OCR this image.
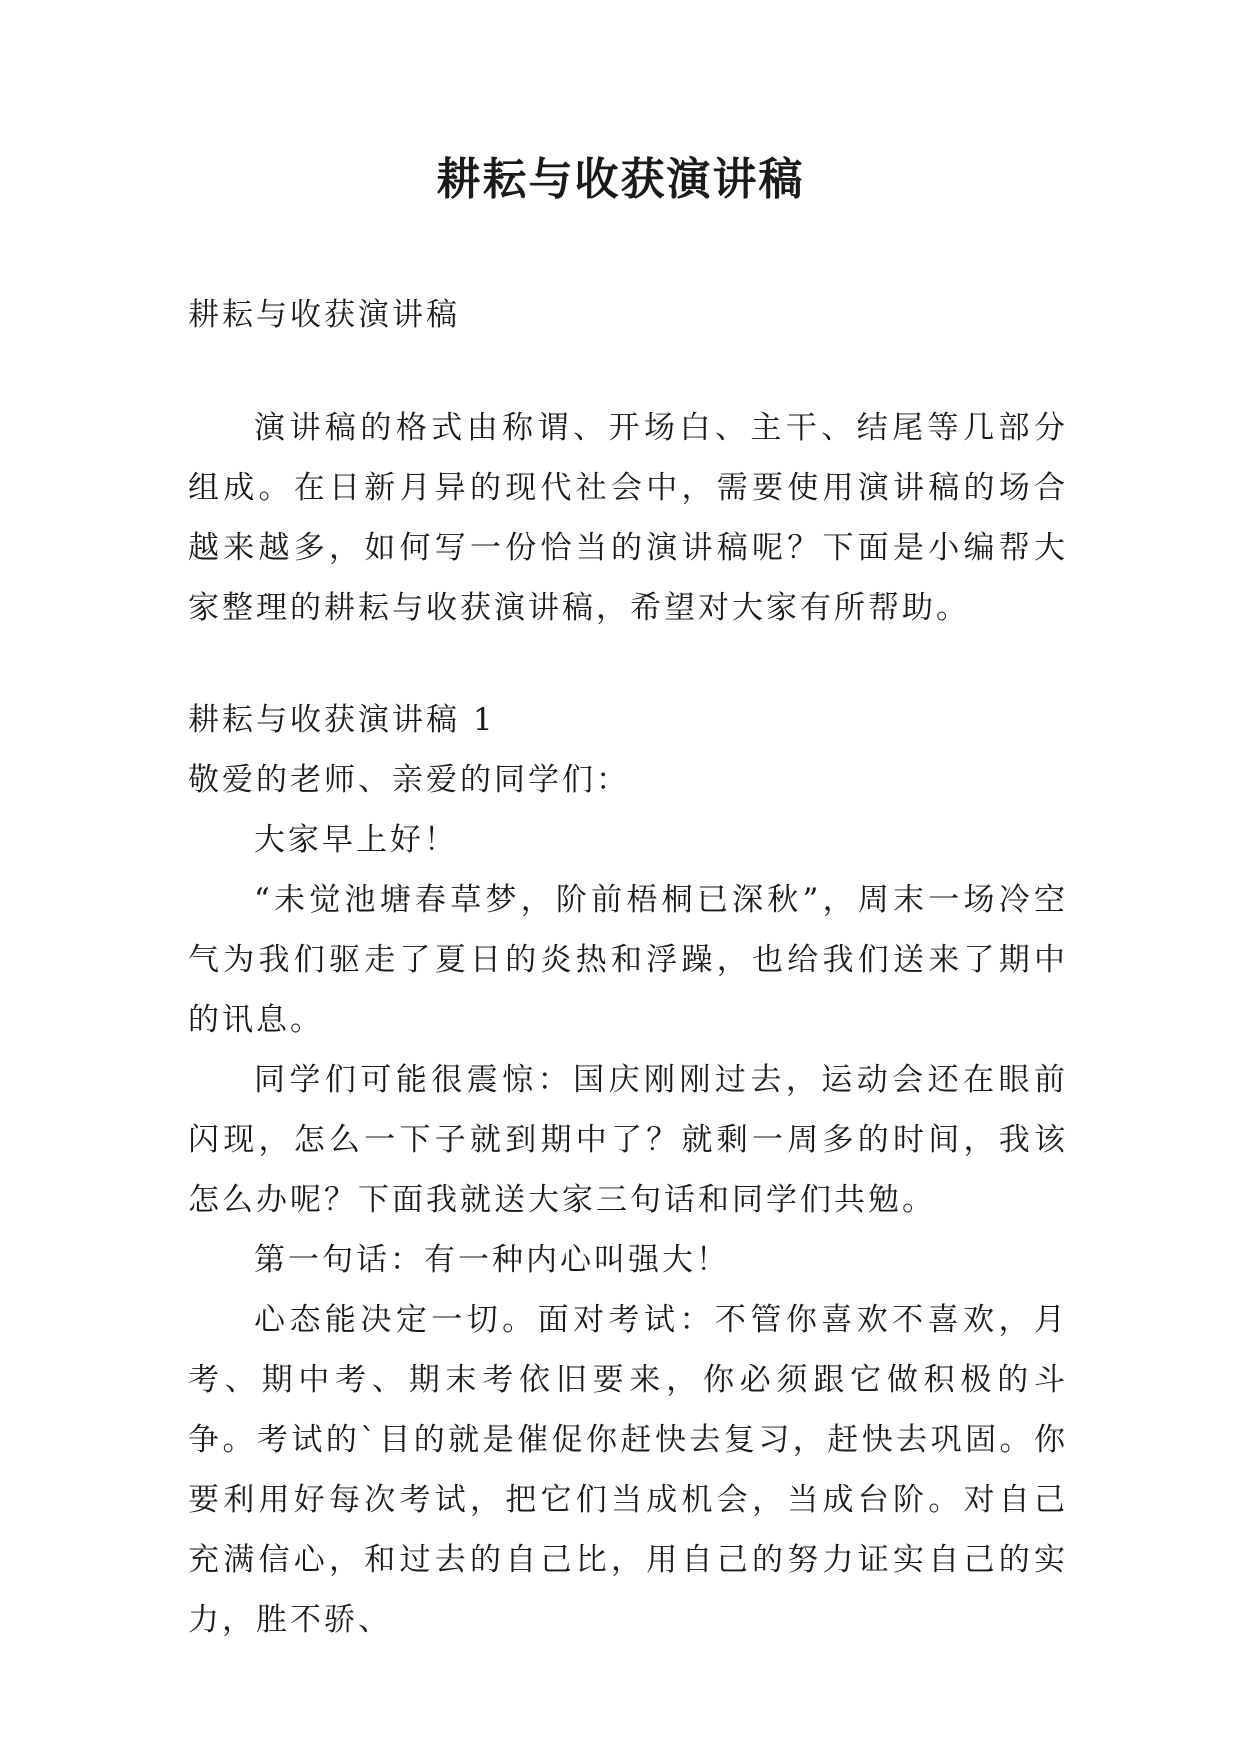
耕耘与收获演讲稿

耕耘与收获演讲稿

演讲稿的格式由称谓、开场白、主干、结尾等几部分组成。在日新月异的现代社会中，需要使用演讲稿的场合越来越多，如何写一份恰当的演讲稿呢？下面是小编帮大家整理的耕耘与收获演讲稿，希望对大家有所帮助。

耕耘与收获演讲稿 1

敬爱的老师、亲爱的同学们：

大家早上好！

“未觉池塘春草梦，阶前梧桐已深秋”，周末一场冷空气为我们驱走了夏日的炎热和浮躁，也给我们送来了期中的讯息。

同学们可能很震惊：国庆刚刚过去，运动会还在眼前闪现，怎么一下子就到期中了？就剩一周多的时间，我该怎么办呢？下面我就送大家三句话和同学们共勉。

第一句话：有一种内心叫强大！

心态能决定一切。面对考试：不管你喜欢不喜欢，月考、期中考、期末考依旧要来，你必须跟它做积极的斗争。考试的`目的就是催促你赶快去复习，赶快去巩固。你要利用好每次考试，把它们当成机会，当成台阶。对自己充满信心，和过去的自己比，用自己的努力证实自己的实力，胜不骄、
